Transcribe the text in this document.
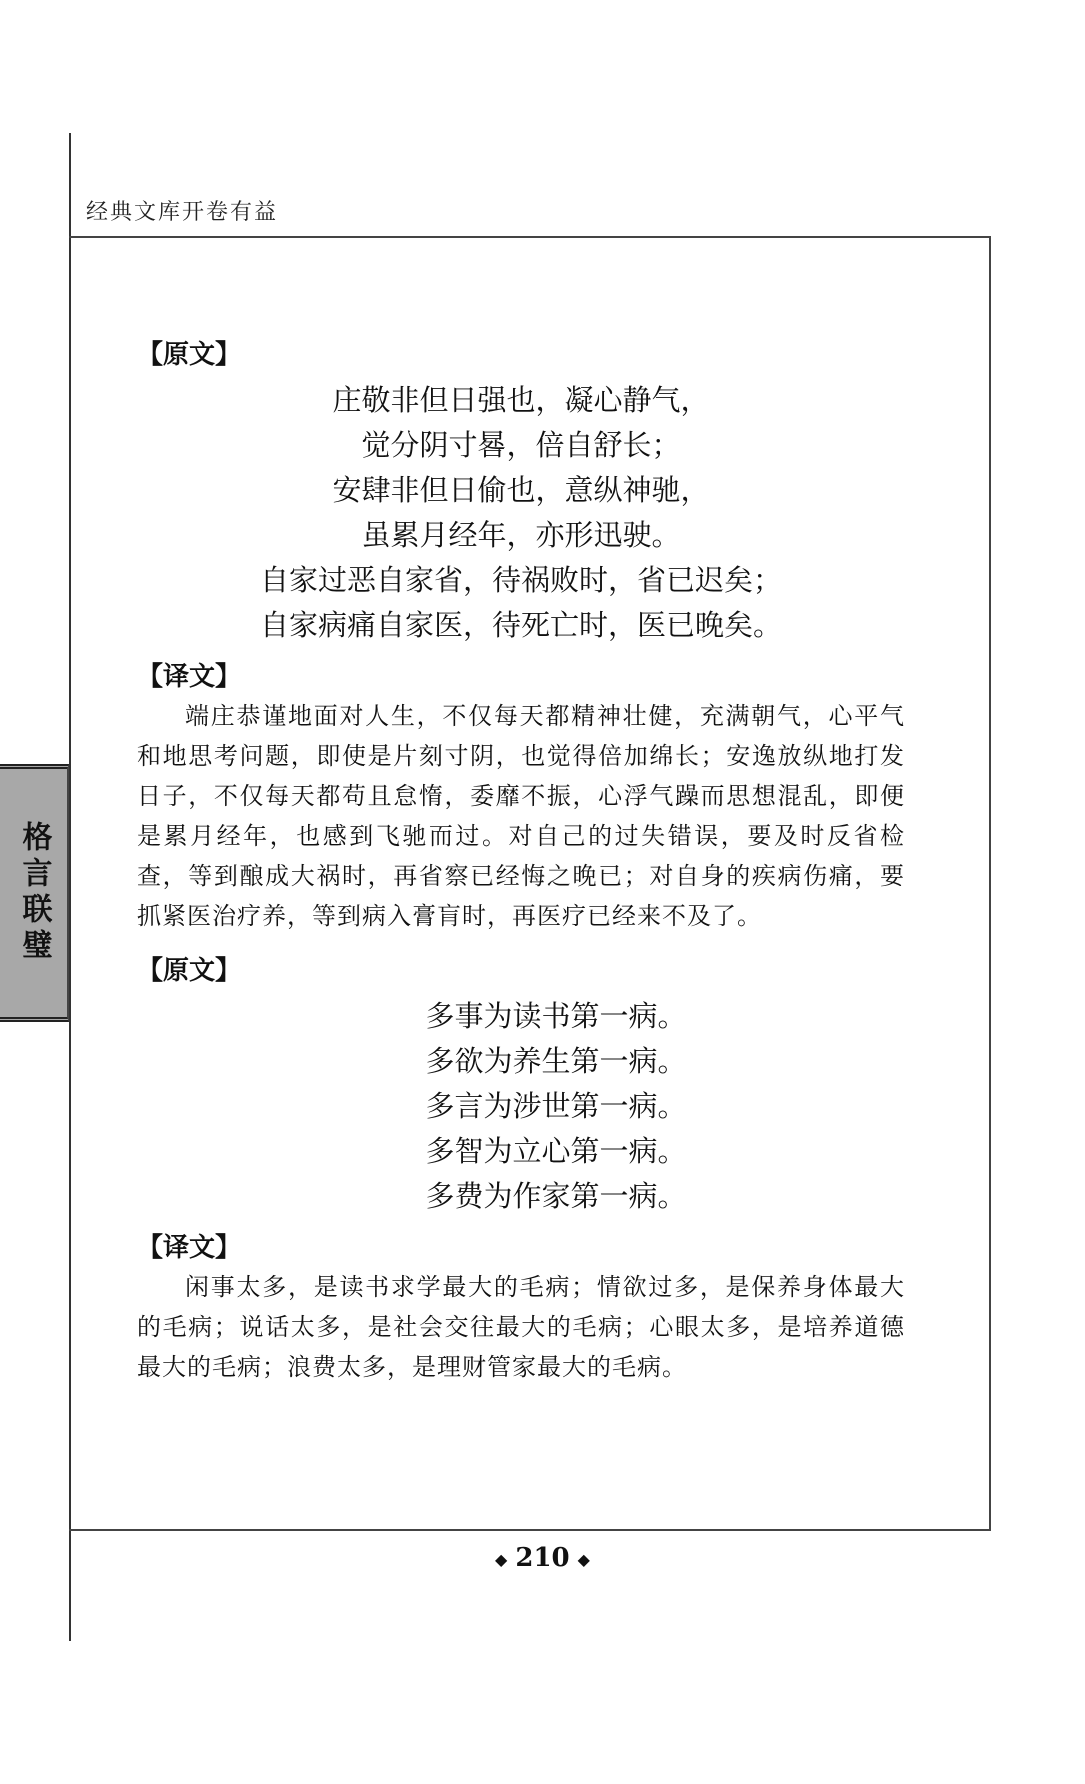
经典文库开卷有益
格言联璧

【原文】

庄敬非但日强也，凝心静气，
觉分阴寸晷，倍自舒长；
安肆非但日偷也，意纵神驰，
虽累月经年，亦形迅驶。
自家过恶自家省，待祸败时，省已迟矣；
自家病痛自家医，待死亡时，医已晚矣。

【译文】

端庄恭谨地面对人生，不仅每天都精神壮健，充满朝气，心平气和地思考问题，即使是片刻寸阴，也觉得倍加绵长；安逸放纵地打发日子，不仅每天都苟且怠惰，委靡不振，心浮气躁而思想混乱，即便是累月经年，也感到飞驰而过。对自己的过失错误，要及时反省检查，等到酿成大祸时，再省察已经悔之晚已；对自身的疾病伤痛，要抓紧医治疗养，等到病入膏肓时，再医疗已经来不及了。

【原文】

多事为读书第一病。
多欲为养生第一病。
多言为涉世第一病。
多智为立心第一病。
多费为作家第一病。

【译文】

闲事太多，是读书求学最大的毛病；情欲过多，是保养身体最大的毛病；说话太多，是社会交往最大的毛病；心眼太多，是培养道德最大的毛病；浪费太多，是理财管家最大的毛病。

◆ 210 ◆
